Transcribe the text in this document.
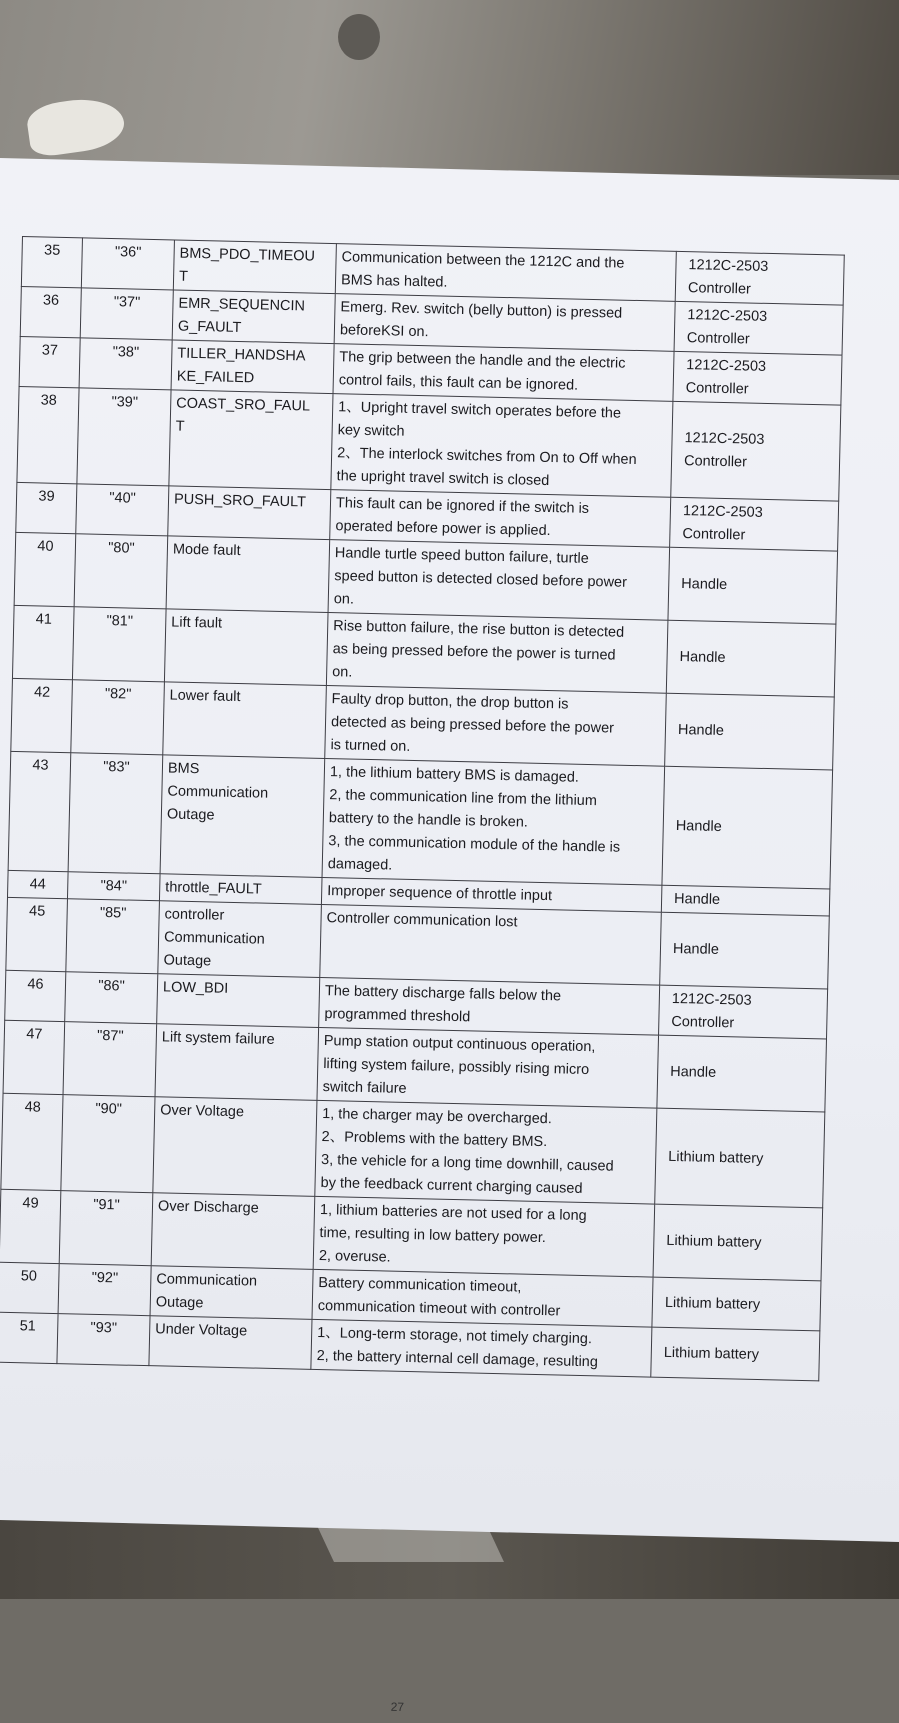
35	"36"	BMS_PDO_TIMEOU
T	Communication between the 1212C and the
BMS has halted.	1212C-2503
Controller

36	"37"	EMR_SEQUENCIN
G_FAULT	Emerg. Rev. switch (belly button) is pressed
beforeKSI on.	1212C-2503
Controller

37	"38"	TILLER_HANDSHA
KE_FAILED	The grip between the handle and the electric
control fails, this fault can be ignored.	1212C-2503
Controller

38	"39"	COAST_SRO_FAUL
T	1、Upright travel switch operates before the
key switch
2、The interlock switches from On to Off when
the upright travel switch is closed	1212C-2503
Controller

39	"40"	PUSH_SRO_FAULT	This fault can be ignored if the switch is
operated before power is applied.	1212C-2503
Controller

40	"80"	Mode fault	Handle turtle speed button failure, turtle
speed button is detected closed before power
on.	Handle

41	"81"	Lift fault	Rise button failure, the rise button is detected
as being pressed before the power is turned
on.	Handle

42	"82"	Lower fault	Faulty drop button, the drop button is
detected as being pressed before the power
is turned on.	Handle

43	"83"	BMS
Communication
Outage	1, the lithium battery BMS is damaged.
2, the communication line from the lithium
battery to the handle is broken.
3, the communication module of the handle is
damaged.	Handle

44	"84"	throttle_FAULT	Improper sequence of throttle input	Handle

45	"85"	controller
Communication
Outage	Controller communication lost	Handle

46	"86"	LOW_BDI	The battery discharge falls below the
programmed threshold	1212C-2503
Controller

47	"87"	Lift system failure	Pump station output continuous operation,
lifting system failure, possibly rising micro
switch failure	Handle

48	"90"	Over Voltage	1, the charger may be overcharged.
2、Problems with the battery BMS.
3, the vehicle for a long time downhill, caused
by the feedback current charging caused	Lithium battery

49	"91"	Over Discharge	1, lithium batteries are not used for a long
time, resulting in low battery power.
2, overuse.	Lithium battery

50	"92"	Communication
Outage	Battery communication timeout,
communication timeout with controller	Lithium battery

51	"93"	Under Voltage	1、Long-term storage, not timely charging.
2, the battery internal cell damage, resulting	Lithium battery
27
